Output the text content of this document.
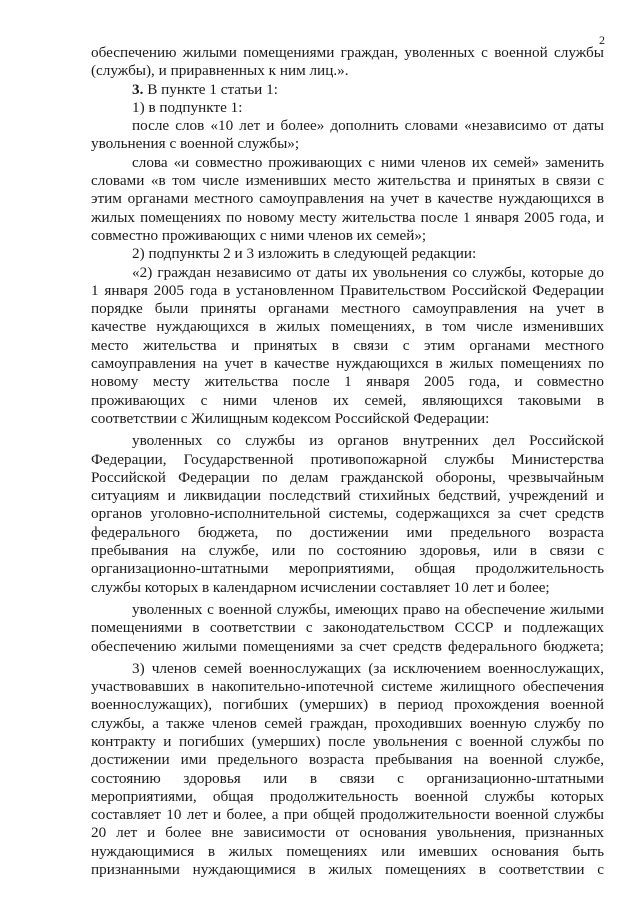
2
обеспечению жилыми помещениями граждан, уволенных с военной службы
(службы), и приравненных к ним лиц.».
3. В пункте 1 статьи 1:
1) в подпункте 1:
после слов «10 лет и более» дополнить словами «независимо от даты
увольнения с военной службы»;
слова «и совместно проживающих с ними членов их семей» заменить
словами «в том числе изменивших место жительства и принятых в связи с
этим органами местного самоуправления на учет в качестве нуждающихся в
жилых помещениях по новому месту жительства после 1 января 2005 года, и
совместно проживающих с ними членов их семей»;
2) подпункты 2 и 3 изложить в следующей редакции:
«2) граждан независимо от даты их увольнения со службы, которые до
1 января 2005 года в установленном Правительством Российской Федерации
порядке были приняты органами местного самоуправления на учет в
качестве нуждающихся в жилых помещениях, в том числе изменивших
место жительства и принятых в связи с этим органами местного
самоуправления на учет в качестве нуждающихся в жилых помещениях по
новому месту жительства после 1 января 2005 года, и совместно
проживающих с ними членов их семей, являющихся таковыми в
соответствии с Жилищным кодексом Российской Федерации:
уволенных со службы из органов внутренних дел Российской
Федерации, Государственной противопожарной службы Министерства
Российской Федерации по делам гражданской обороны, чрезвычайным
ситуациям и ликвидации последствий стихийных бедствий, учреждений и
органов уголовно-исполнительной системы, содержащихся за счет средств
федерального бюджета, по достижении ими предельного возраста
пребывания на службе, или по состоянию здоровья, или в связи с
организационно-штатными мероприятиями, общая продолжительность
службы которых в календарном исчислении составляет 10 лет и более;
уволенных с военной службы, имеющих право на обеспечение жилыми
помещениями в соответствии с законодательством СССР и подлежащих
обеспечению жилыми помещениями за счет средств федерального бюджета;
3) членов семей военнослужащих (за исключением военнослужащих,
участвовавших в накопительно-ипотечной системе жилищного обеспечения
военнослужащих), погибших (умерших) в период прохождения военной
службы, а также членов семей граждан, проходивших военную службу по
контракту и погибших (умерших) после увольнения с военной службы по
достижении ими предельного возраста пребывания на военной службе,
состоянию здоровья или в связи с организационно-штатными
мероприятиями, общая продолжительность военной службы которых
составляет 10 лет и более, а при общей продолжительности военной службы
20 лет и более вне зависимости от основания увольнения, признанных
нуждающимися в жилых помещениях или имевших основания быть
признанными нуждающимися в жилых помещениях в соответствии с
